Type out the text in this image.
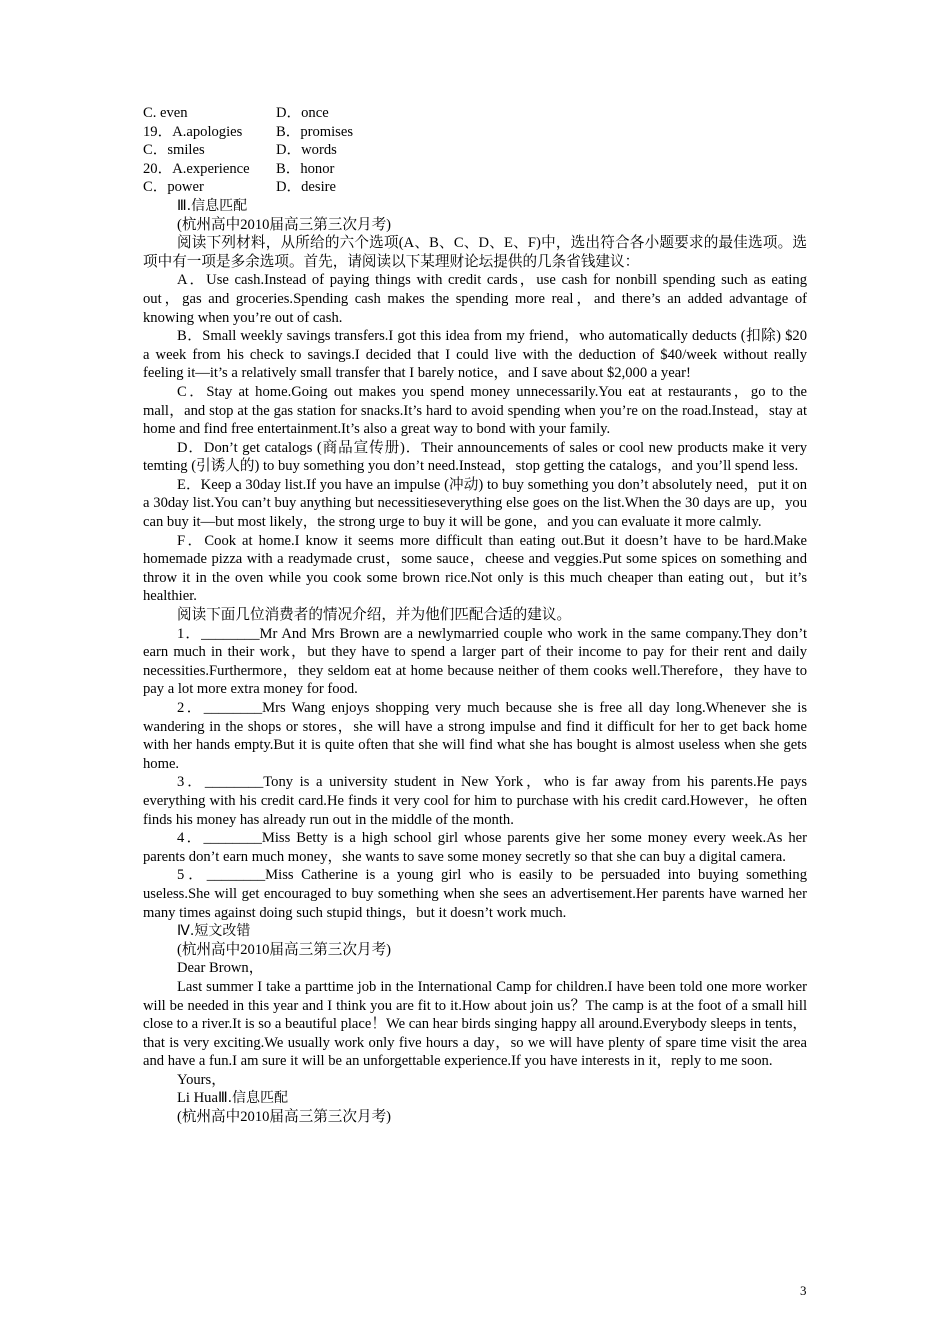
C. even	D．once
19．A.apologies B．promises
C．smiles	D．words
20．A.experience B．honor
C．power	D．desire
Ⅲ.信息匹配
(杭州高中2010届高三第三次月考)

阅读下列材料，从所给的六个选项(A、B、C、D、E、F)中，选出符合各小题要求的最佳选项。选项中有一项是多余选项。首先，请阅读以下某理财论坛提供的几条省钱建议：

A．Use cash.Instead of paying things with credit cards，use cash for nonbill spending such as eating out，gas and groceries.Spending cash makes the spending more real，and there’s an added advantage of knowing when you’re out of cash.

B．Small weekly savings transfers.I got this idea from my friend，who automatically deducts (扣除) $20 a week from his check to savings.I decided that I could live with the deduction of $40/week without really feeling it—it’s a relatively small transfer that I barely notice，and I save about $2,000 a year!

C．Stay at home.Going out makes you spend money unnecessarily.You eat at restaurants，go to the mall，and stop at the gas station for snacks.It’s hard to avoid spending when you’re on the road.Instead，stay at home and find free entertainment.It’s also a great way to bond with your family.

D．Don’t get catalogs (商品宣传册)．Their announcements of sales or cool new products make it very temting (引诱人的) to buy something you don’t need.Instead，stop getting the catalogs，and you’ll spend less.

E．Keep a 30day list.If you have an impulse (冲动) to buy something you don’t absolutely need，put it on a 30day list.You can’t buy anything but necessitieseverything else goes on the list.When the 30 days are up，you can buy it—but most likely，the strong urge to buy it will be gone，and you can evaluate it more calmly.

F．Cook at home.I know it seems more difficult than eating out.But it doesn’t have to be hard.Make homemade pizza with a readymade crust，some sauce，cheese and veggies.Put some spices on something and throw it in the oven while you cook some brown rice.Not only is this much cheaper than eating out，but it’s healthier.

阅读下面几位消费者的情况介绍，并为他们匹配合适的建议。

1．________Mr And Mrs Brown are a newlymarried couple who work in the same company.They don’t earn much in their work，but they have to spend a larger part of their income to pay for their rent and daily necessities.Furthermore，they seldom eat at home because neither of them cooks well.Therefore，they have to pay a lot more extra money for food.

2．________Mrs Wang enjoys shopping very much because she is free all day long.Whenever she is wandering in the shops or stores，she will have a strong impulse and find it difficult for her to get back home with her hands empty.But it is quite often that she will find what she has bought is almost useless when she gets home.

3．________Tony is a university student in New York，who is far away from his parents.He pays everything with his credit card.He finds it very cool for him to purchase with his credit card.However，he often finds his money has already run out in the middle of the month.

4．________Miss Betty is a high school girl whose parents give her some money every week.As her parents don’t earn much money，she wants to save some money secretly so that she can buy a digital camera.

5．________Miss Catherine is a young girl who is easily to be persuaded into buying something useless.She will get encouraged to buy something when she sees an advertisement.Her parents have warned her many times against doing such stupid things，but it doesn’t work much.

Ⅳ.短文改错
(杭州高中2010届高三第三次月考)
Dear Brown，

Last summer I take a parttime job in the International Camp for children.I have been told one more worker will be needed in this year and I think you are fit to it.How about join us？The camp is at the foot of a small hill close to a river.It is so a beautiful place！We can hear birds singing happy all around.Everybody sleeps in tents，that is very exciting.We usually work only five hours a day，so we will have plenty of spare time visit the area and have a fun.I am sure it will be an unforgettable experience.If you have interests in it，reply to me soon.

Yours，
Li HuaⅢ.信息匹配
(杭州高中2010届高三第三次月考)
3
